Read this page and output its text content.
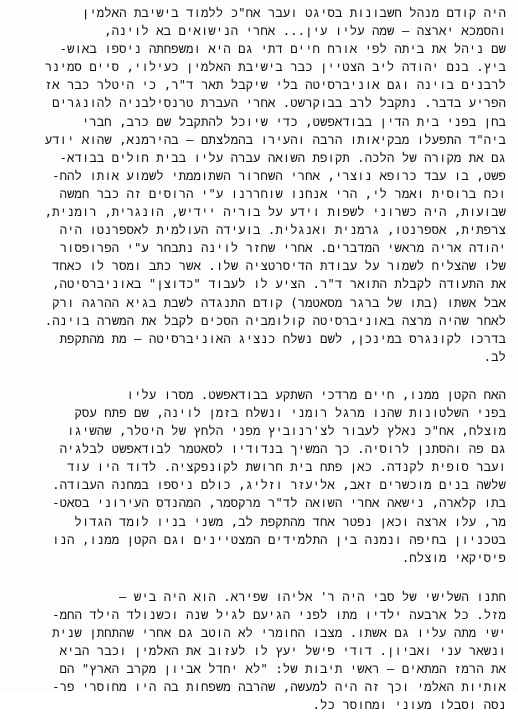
היה קודם מנהל חשבונות בסיגט ועבר אח"כ ללמוד בישיבת האלמין
והסמכא יארצה – שמה עליו עין... אחרי הנישואים בא לוינה,
שם ניהל את ביתה לפי אורח חיים דתי גם היא ומשפחתה ניספו באוש-
ביץ. בנם יהודה ליב הצטיין כבר בישיבת האלמין כעילוי, סיים סמינר
לרבנים בוינה וגם אוניברסיטה בלי שיקבל תאר ד"ר, כי היטלר כבר אז
הפריע בדבר. נתקבל לרב בבוקרשט. אחרי העברת טרנסילבניה להונגרים
בחן בפני בית הדין בבודאפשט, כדי שיוכל להתקבל שם כרב, חברי
ביה"ד התפעלו מבקיאותו הרבה והעירו בהמלצתם – בהירמנא, שהוא יודע
גם את מקורה של הלכה. תקופת השואה עברה עליו בבית חולים בבודא-
פשט, בו עבד כרופא נוצרי, אחרי השחרור השתוממתי לשמוע אותו להח-
וכח ברוסית ואמר לי, הרי אנחנו שוחררנו ע"י הרוסים זה כבר חמשה
שבועות, היה כשרוני לשפות וידע על בוריה יידיש, הונגרית, רומנית,
צרפתית, אספרנטו, גרמנית ואנגלית. בועידה העולמית לאספרנטו היה
יהודה אריה מראשי המדברים. אחרי שחזר לוינה נתבחר ע"י הפרופסור
שלו שהצליח לשמור על עבודת הדיסרטציה שלו. אשר כתב ומסר לו כאחד
את התעודה לקבלת התואר ד"ר. הציע לו לעבוד "כדוצן" באוניברסיטה,
אבל אשתו (בתו של ברגר מסאטמר) קודם התנגדה לשבת בגיא ההרגה ורק
לאחר שהיה מרצה באוניברסיטה קולומביה הסכים לקבל את המשרה בוינה.
בדרכו לקונגרס במינכן, לשם נשלח כנציג האוניברסיטה – מת מהתקפת
לב.
האח הקטן ממנו, חיים מרדכי השתקע בבודאפשט. מסרו עליו
בפני השלטונות שהנו מרגל רומני ונשלח בזמן לוינה, שם פתח עסק
מוצלח, אח"כ נאלץ לעבור לצ'רנוביץ מפני הלחץ של היטלר, שהשיגו
גם פה והסתנן לרוסיה. כך המשיך בנדודיו לסאטמר לבודאפשט לבלגיה
ועבר סופית לקנדה. כאן פתח בית חרושת לקונפקציה. לדוד היו עוד
שלשה בנים מוכשרים זאב, אליעזר וזליג, כולם ניספו במחנה העבודה.
בתו קלארה, נישאה אחרי השואה לד"ר מרקסמר, המהנדס העירוני בסאט-
מר, עלו ארצה וכאן נפטר אחד מהתקפת לב, משני בניו לומד הגדול
בטכניון בחיפה ונמנה בין התלמידים המצטיינים וגם הקטן ממנו, הנו
פיסיקאי מוצלח.
חתנו השלישי של סבי היה ר' אליהו שפירא. הוא היה ביש –
מזל. כל ארבעה ילדיו מתו לפני הגיעם לגיל שנה וכשנולד הילד החמ-
ישי מתה עליו גם אשתו. מצבו החומרי לא הוטב גם אחרי שהתחתן שנית
ונשאר עני ואביון. דודי פישל יעץ לו לעזוב את האלמין וכבר הביא
את הרמז המתאים – ראשי תיבות של: "לא יחדל אביון מקרב הארץ" הם
אותיות האלמי וכך זה היה למעשה, שהרבה משפחות בה היו מחוסרי פר-
נסה וסבלו מעוני ומחוסר כל.
